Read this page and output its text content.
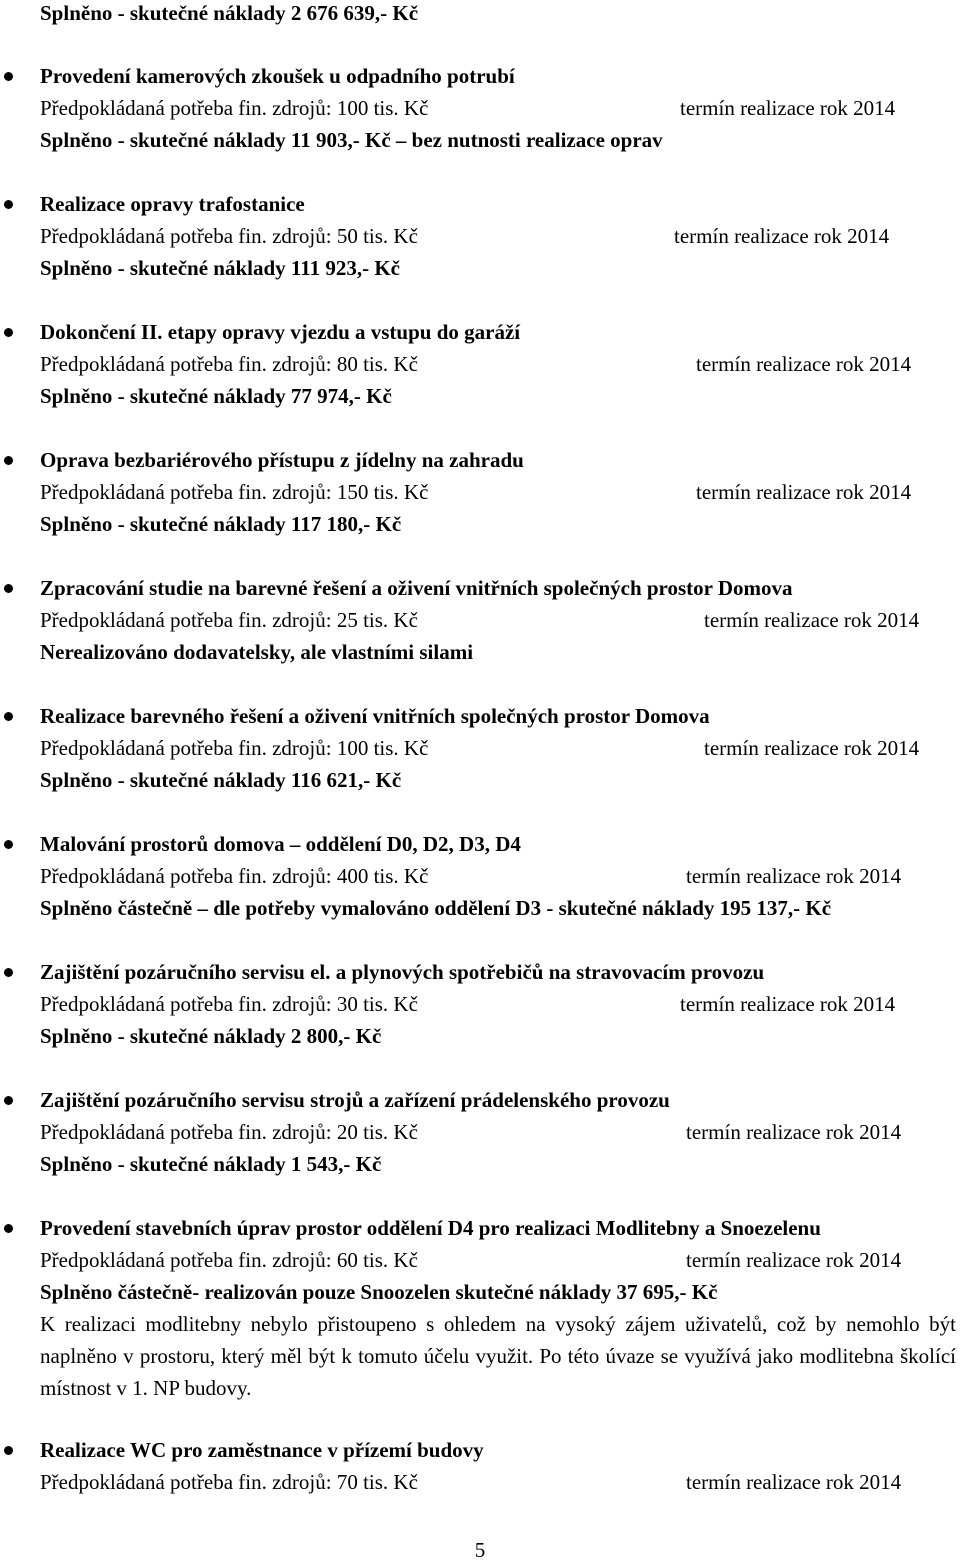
Splněno - skutečné náklady 2 676 639,- Kč
Provedení kamerových zkoušek u odpadního potrubí
Předpokládaná potřeba fin. zdrojů: 100 tis. Kč	termín realizace rok 2014
Splněno - skutečné náklady 11 903,- Kč – bez nutnosti realizace oprav
Realizace opravy trafostanice
Předpokládaná potřeba fin. zdrojů: 50 tis. Kč	termín realizace rok 2014
Splněno - skutečné náklady 111 923,- Kč
Dokončení II. etapy opravy vjezdu a vstupu do garáží
Předpokládaná potřeba fin. zdrojů: 80 tis. Kč	termín realizace rok 2014
Splněno - skutečné náklady 77 974,- Kč
Oprava bezbariérového přístupu z jídelny na zahradu
Předpokládaná potřeba fin. zdrojů: 150 tis. Kč	termín realizace rok 2014
Splněno - skutečné náklady 117 180,- Kč
Zpracování studie na barevné řešení a oživení vnitřních společných prostor Domova
Předpokládaná potřeba fin. zdrojů: 25 tis. Kč	termín realizace rok 2014
Nerealizováno dodavatelsky, ale vlastními silami
Realizace barevného řešení a oživení vnitřních společných prostor Domova
Předpokládaná potřeba fin. zdrojů: 100 tis. Kč	termín realizace rok 2014
Splněno - skutečné náklady 116 621,- Kč
Malování prostorů domova – oddělení D0, D2, D3, D4
Předpokládaná potřeba fin. zdrojů: 400 tis. Kč	termín realizace rok 2014
Splněno částečně – dle potřeby vymalováno oddělení D3 - skutečné náklady 195 137,- Kč
Zajištění pozáručního servisu el. a plynových spotřebičů na stravovacím provozu
Předpokládaná potřeba fin. zdrojů: 30 tis. Kč	termín realizace rok 2014
Splněno - skutečné náklady 2 800,- Kč
Zajištění pozáručního servisu strojů a zařízení prádelenského provozu
Předpokládaná potřeba fin. zdrojů: 20 tis. Kč	termín realizace rok 2014
Splněno - skutečné náklady 1 543,- Kč
Provedení stavebních úprav prostor oddělení D4 pro realizaci Modlitebny a Snoezelenu
Předpokládaná potřeba fin. zdrojů: 60 tis. Kč	termín realizace rok 2014
Splněno částečně- realizován pouze Snoozelen skutečné náklady 37 695,- Kč
K realizaci modlitebny nebylo přistoupeno s ohledem na vysoký zájem uživatelů, což by nemohlo být naplněno v prostoru, který měl být k tomuto účelu využit. Po této úvaze se využívá jako modlitebna školící místnost v 1. NP budovy.
Realizace WC pro zaměstnance v přízemí budovy
Předpokládaná potřeba fin. zdrojů: 70 tis. Kč	termín realizace rok 2014
5
